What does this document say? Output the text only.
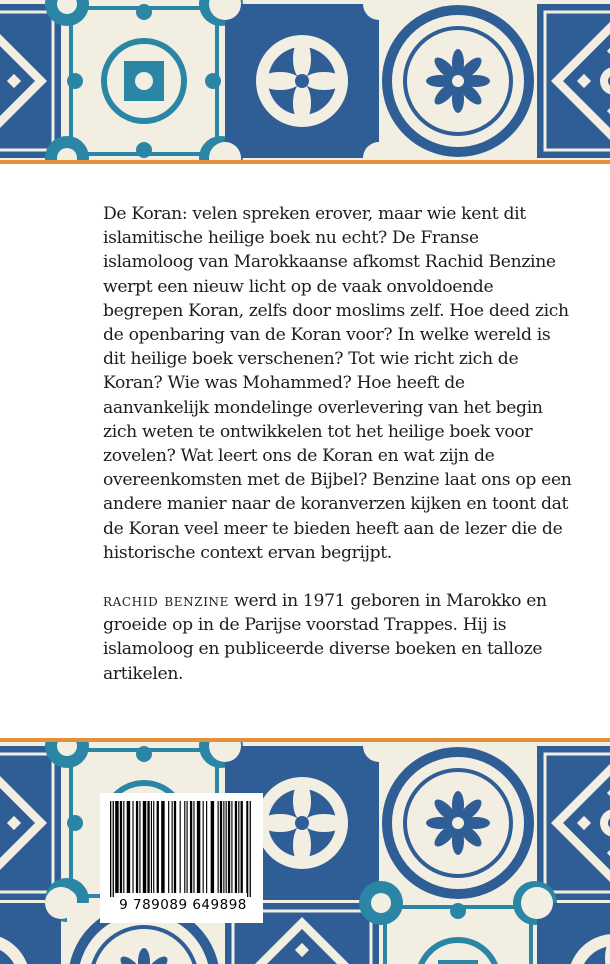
De Koran: velen spreken erover, maar wie kent dit islamitische heilige boek nu echt? De Franse islamoloog van Marokkaanse afkomst Rachid Benzine werpt een nieuw licht op de vaak onvoldoende begrepen Koran, zelfs door moslims zelf. Hoe deed zich de openbaring van de Koran voor? In welke wereld is dit heilige boek verschenen? Tot wie richt zich de Koran? Wie was Mohammed? Hoe heeft de aanvankelijk mondelinge overlevering van het begin zich weten te ontwikkelen tot het heilige boek voor zovelen? Wat leert ons de Koran en wat zijn de overeenkomsten met de Bijbel? Benzine laat ons op een andere manier naar de koranverzen kijken en toont dat de Koran veel meer te bieden heeft aan de lezer die de historische context ervan begrijpt.

rachid benzine werd in 1971 geboren in Marokko en groeide op in de Parijse voorstad Trappes. Hij is islamoloog en publiceerde diverse boeken en talloze artikelen.

9 789089 649898
